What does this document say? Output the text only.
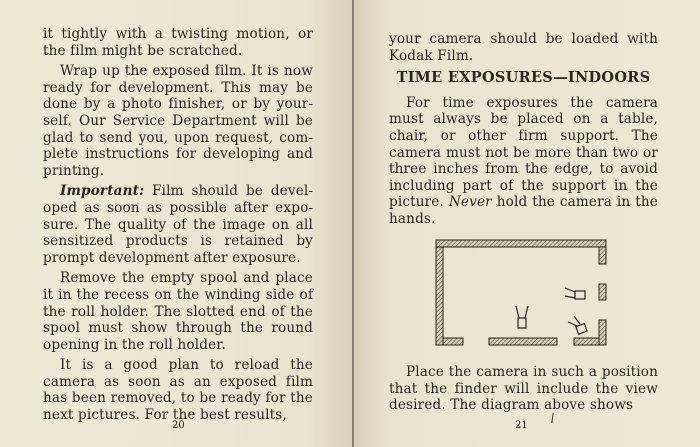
it tightly with a twisting motion, or the film might be scratched.

Wrap up the exposed film. It is now ready for development. This may be done by a photo finisher, or by yourself. Our Service Department will be glad to send you, upon request, complete instructions for developing and printing.

Important: Film should be developed as soon as possible after exposure. The quality of the image on all sensitized products is retained by prompt development after exposure.

Remove the empty spool and place it in the recess on the winding side of the roll holder. The slotted end of the spool must show through the round opening in the roll holder.

It is a good plan to reload the camera as soon as an exposed film has been removed, to be ready for the next pictures. For the best results,

20

your camera should be loaded with Kodak Film.

TIME EXPOSURES—INDOORS

For time exposures the camera must always be placed on a table, chair, or other firm support. The camera must not be more than two or three inches from the edge, to avoid including part of the support in the picture. Never hold the camera in the hands.

Place the camera in such a position that the finder will include the view desired. The diagram above shows

21
